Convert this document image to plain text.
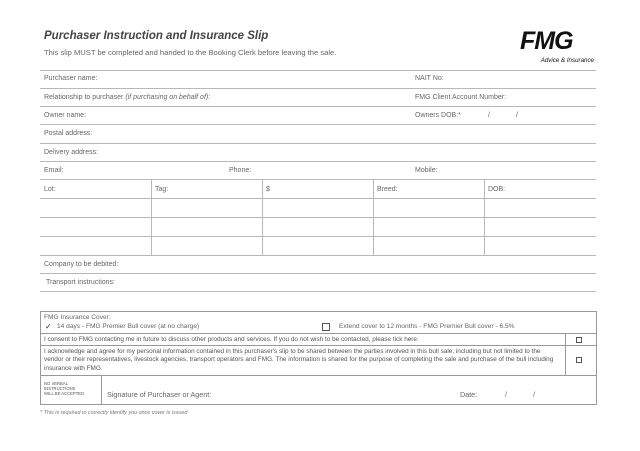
Purchaser Instruction and Insurance Slip
This slip MUST be completed and handed to the Booking Clerk before leaving the sale.	FMG
Advice & Insurance
Purchaser name:	NAIT No:
Relationship to purchaser (if purchasing on behalf of):	FMG Client Account Number:
Owner name:	Owners DOB:*	/	/
Postal address:
Delivery address:
Email:	Phone:	Mobile:
Lot:	Tag:	$	Breed:	DOB:
Company to be debited:
Transport instructions:
FMG Insurance Cover:
✓ 14 days - FMG Premier Bull cover (at no charge)	Extend cover to 12 months - FMG Premier Bull cover - 6.5%
I consent to FMG contacting me in future to discuss other products and services. If you do not wish to be contacted, please tick here:
I acknowledge and agree for my personal information contained in this purchaser's slip to be shared between the parties involved in this bull sale, including but not limited to the vendor or their representatives, livestock agencies, transport operators and FMG. The information is shared for the purpose of completing the sale and purchase of the bull including insurance with FMG.
NO VERBAL
INSTRUCTIONS
WILL BE ACCEPTED	Signature of Purchaser or Agent:	Date:	/	/
* This is required to correctly identify you once cover is issued
